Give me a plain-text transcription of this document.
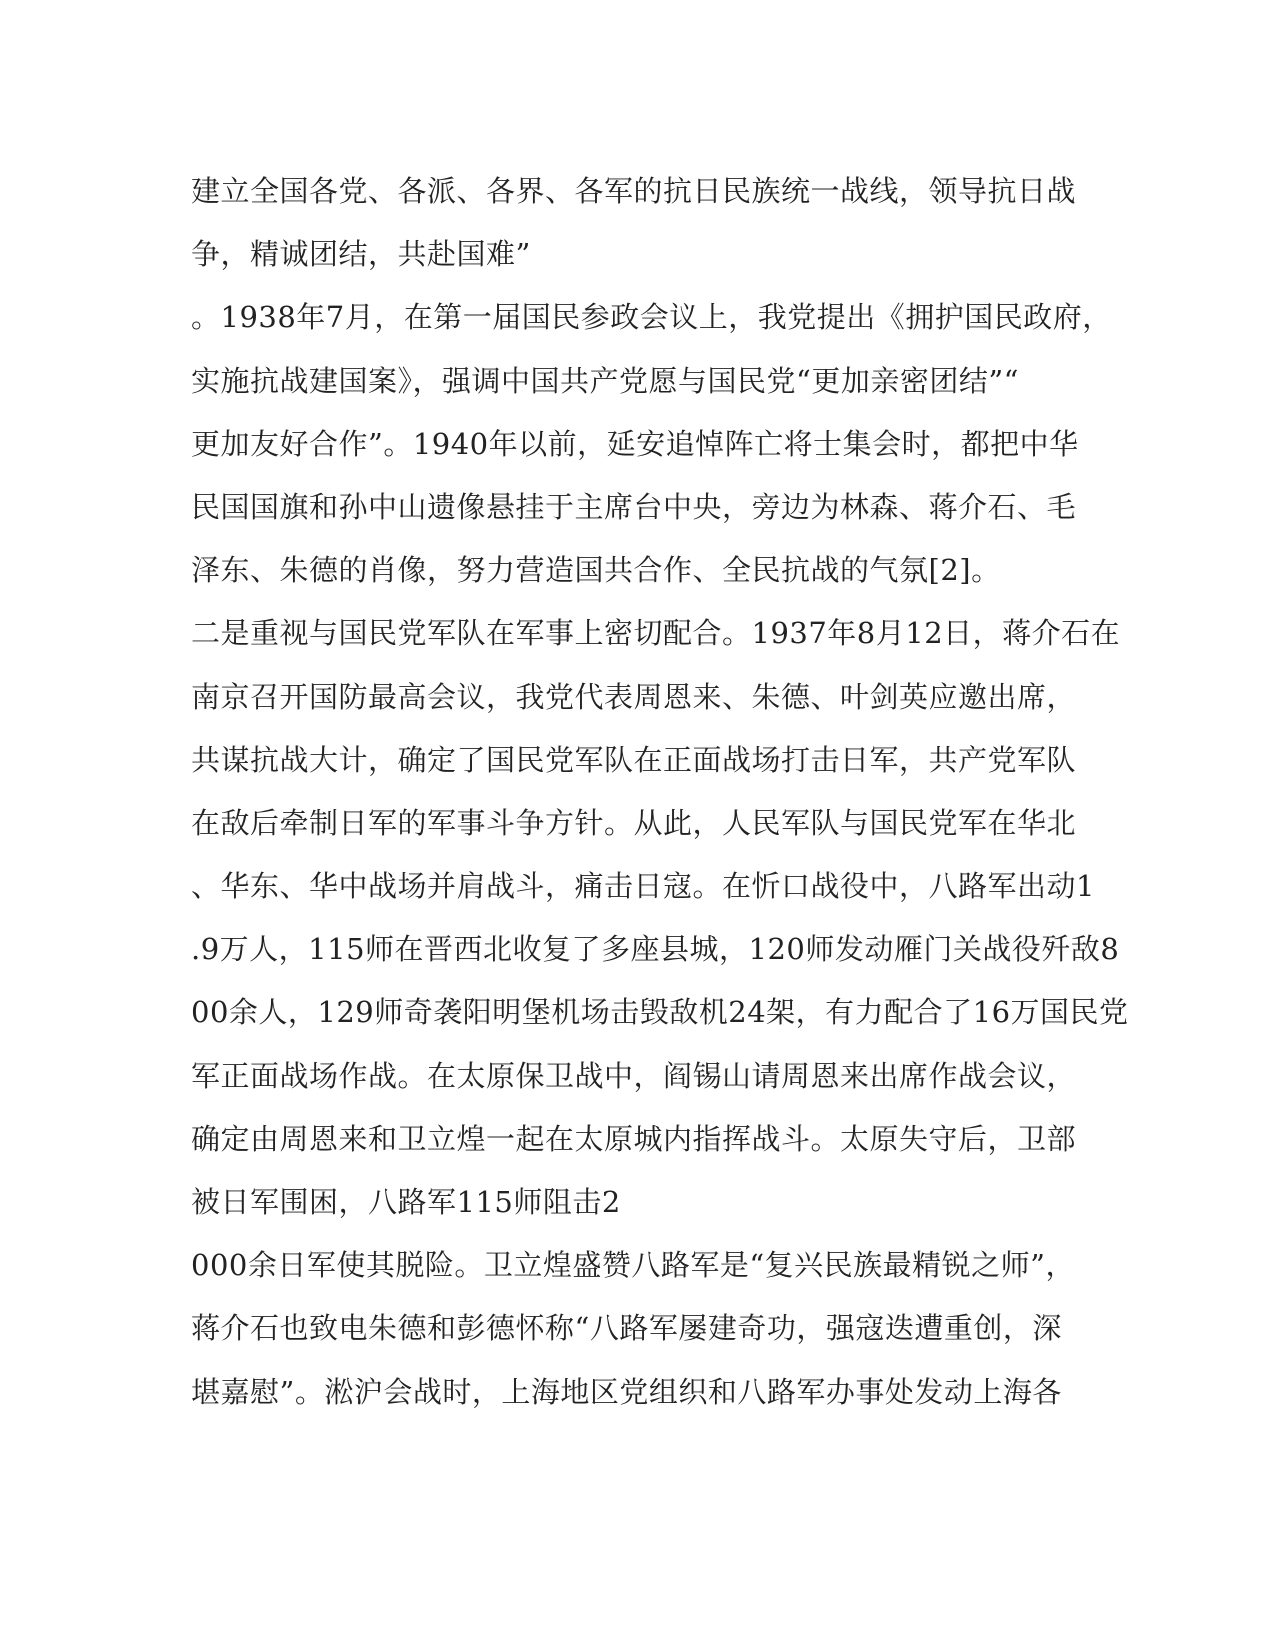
建立全国各党、各派、各界、各军的抗日民族统一战线，领导抗日战
争，精诚团结，共赴国难”
。1938年7月，在第一届国民参政会议上，我党提出《拥护国民政府，
实施抗战建国案》，强调中国共产党愿与国民党“更加亲密团结”“
更加友好合作”。1940年以前，延安追悼阵亡将士集会时，都把中华
民国国旗和孙中山遗像悬挂于主席台中央，旁边为林森、蒋介石、毛
泽东、朱德的肖像，努力营造国共合作、全民抗战的气氛[2]。
二是重视与国民党军队在军事上密切配合。1937年8月12日，蒋介石在
南京召开国防最高会议，我党代表周恩来、朱德、叶剑英应邀出席，
共谋抗战大计，确定了国民党军队在正面战场打击日军，共产党军队
在敌后牵制日军的军事斗争方针。从此，人民军队与国民党军在华北
、华东、华中战场并肩战斗，痛击日寇。在忻口战役中，八路军出动1
.9万人，115师在晋西北收复了多座县城，120师发动雁门关战役歼敌8
00余人，129师奇袭阳明堡机场击毁敌机24架，有力配合了16万国民党
军正面战场作战。在太原保卫战中，阎锡山请周恩来出席作战会议，
确定由周恩来和卫立煌一起在太原城内指挥战斗。太原失守后，卫部
被日军围困，八路军115师阻击2
000余日军使其脱险。卫立煌盛赞八路军是“复兴民族最精锐之师”，
蒋介石也致电朱德和彭德怀称“八路军屡建奇功，强寇迭遭重创，深
堪嘉慰”。淞沪会战时，上海地区党组织和八路军办事处发动上海各
